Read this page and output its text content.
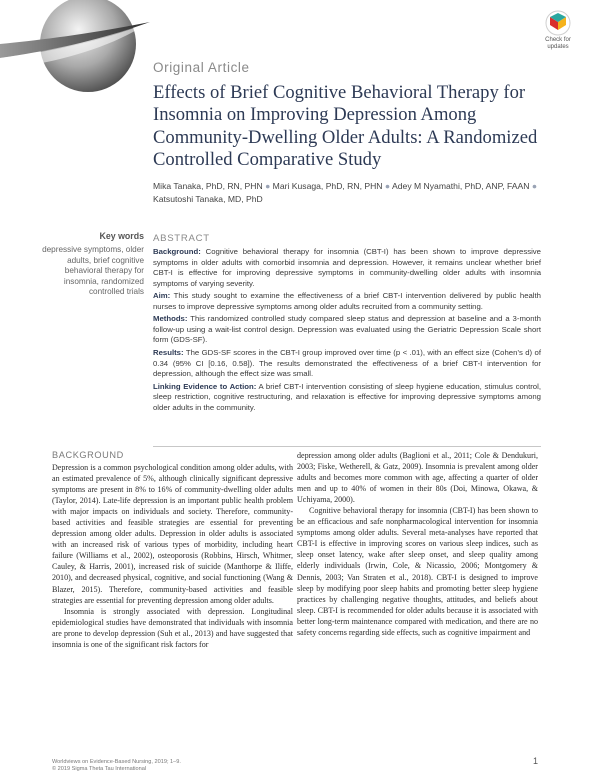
Check for
updates
Original Article
Effects of Brief Cognitive Behavioral Therapy for Insomnia on Improving Depression Among Community-Dwelling Older Adults: A Randomized Controlled Comparative Study

Mika Tanaka, PhD, RN, PHN ● Mari Kusaga, PhD, RN, PHN ● Adey M Nyamathi, PhD, ANP, FAAN ● Katsutoshi Tanaka, MD, PhD

Key words

depressive symptoms, older adults, brief cognitive behavioral therapy for insomnia, randomized controlled trials

ABSTRACT

Background: Cognitive behavioral therapy for insomnia (CBT-I) has been shown to improve depressive symptoms in older adults with comorbid insomnia and depression. However, it remains unclear whether brief CBT-I is effective for improving depressive symptoms in community-dwelling older adults with insomnia symptoms of varying severity.

Aim: This study sought to examine the effectiveness of a brief CBT-I intervention delivered by public health nurses to improve depressive symptoms among older adults recruited from a community setting.

Methods: This randomized controlled study compared sleep status and depression at baseline and a 3-month follow-up using a wait-list control design. Depression was evaluated using the Geriatric Depression Scale short form (GDS-SF).

Results: The GDS-SF scores in the CBT-I group improved over time (p < .01), with an effect size (Cohen’s d) of 0.34 (95% CI [0.16, 0.58]). The results demonstrated the effectiveness of a brief CBT-I intervention for depression, although the effect size was small.

Linking Evidence to Action: A brief CBT-I intervention consisting of sleep hygiene education, stimulus control, sleep restriction, cognitive restructuring, and relaxation is effective for improving depressive symptoms among older adults in the community.

BACKGROUND

Depression is a common psychological condition among older adults, with an estimated prevalence of 5%, although clinically significant depressive symptoms are present in 8% to 16% of community-dwelling older adults (Taylor, 2014). Late-life depression is an important public health problem with major impacts on individuals and society. Therefore, community-based activities and feasible strategies are essential for preventing depression among older adults. Depression in older adults is associated with an increased risk of various types of morbidity, including heart failure (Williams et al., 2002), osteoporosis (Robbins, Hirsch, Whitmer, Cauley, & Harris, 2001), increased risk of suicide (Manthorpe & Iliffe, 2010), and decreased physical, cognitive, and social functioning (Wang & Blazer, 2015). Therefore, community-based activities and feasible strategies are essential for preventing depression among older adults.

Insomnia is strongly associated with depression. Longitudinal epidemiological studies have demonstrated that individuals with insomnia are prone to develop depression (Suh et al., 2013) and have suggested that insomnia is one of the significant risk factors for

depression among older adults (Baglioni et al., 2011; Cole & Dendukuri, 2003; Fiske, Wetherell, & Gatz, 2009). Insomnia is prevalent among older adults and becomes more common with age, affecting a quarter of older men and up to 40% of women in their 80s (Doi, Minowa, Okawa, & Uchiyama, 2000).

Cognitive behavioral therapy for insomnia (CBT-I) has been shown to be an efficacious and safe nonpharmacological intervention for insomnia symptoms among older adults. Several meta-analyses have reported that CBT-I is effective in improving scores on various sleep indices, such as sleep onset latency, wake after sleep onset, and sleep quality among elderly individuals (Irwin, Cole, & Nicassio, 2006; Montgomery & Dennis, 2003; Van Straten et al., 2018). CBT-I is designed to improve sleep by modifying poor sleep habits and promoting better sleep hygiene practices by challenging negative thoughts, attitudes, and beliefs about sleep. CBT-I is recommended for older adults because it is associated with better long-term maintenance compared with medication, and there are no safety concerns regarding side effects, such as cognitive impairment and

Worldviews on Evidence-Based Nursing, 2019; 1–9.
© 2019 Sigma Theta Tau International

1
